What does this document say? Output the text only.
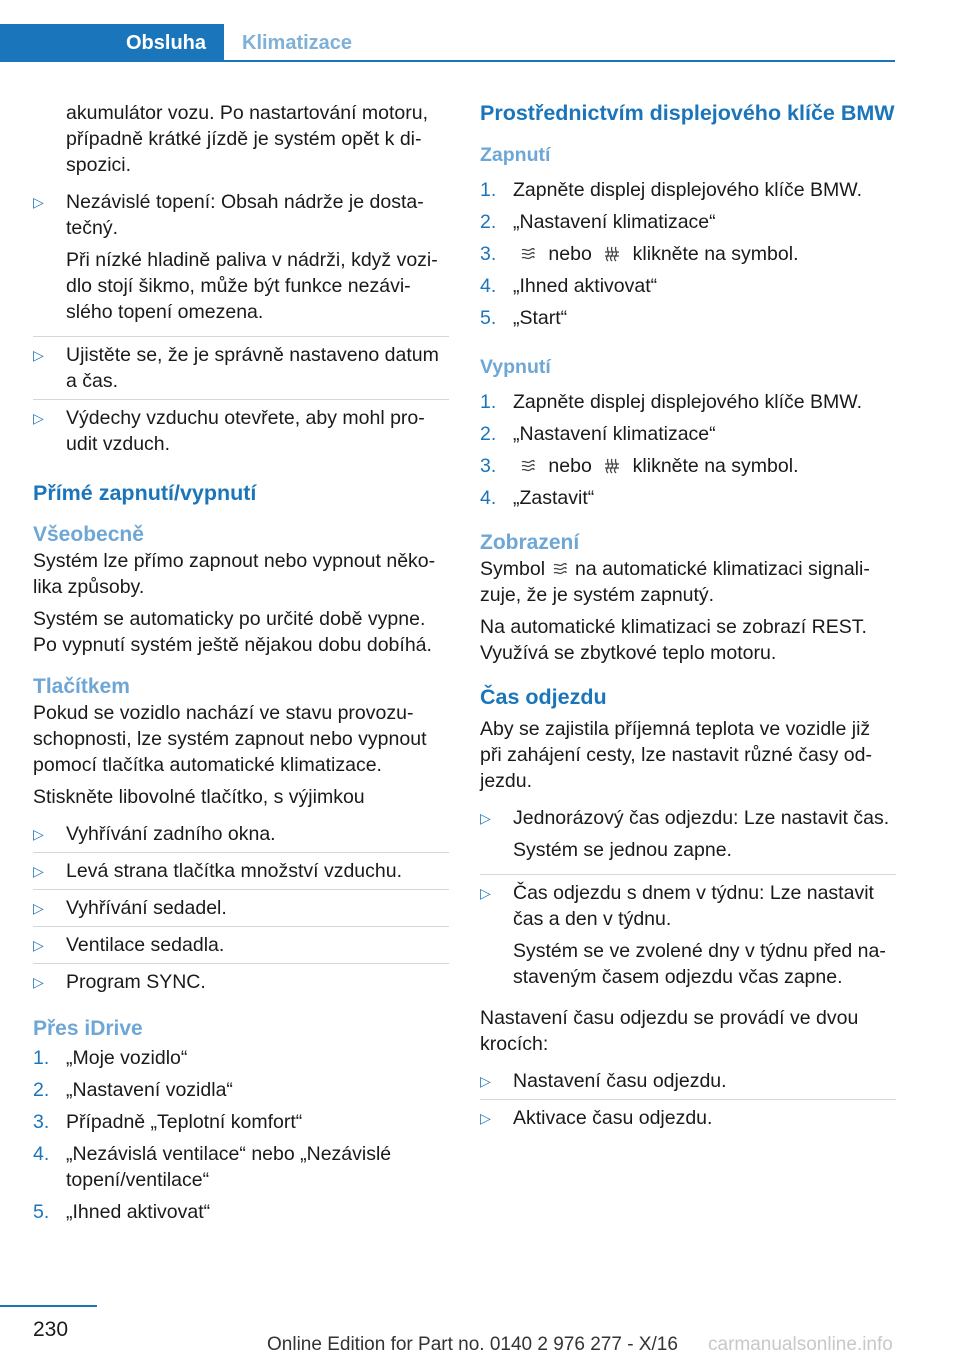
Obsluha	Klimatizace

akumulátor vozu. Po nastartování motoru, případně krátké jízdě je systém opět k dispozici.

▷ Nezávislé topení: Obsah nádrže je dostatečný.

Při nízké hladině paliva v nádrži, když vozidlo stojí šikmo, může být funkce nezávislého topení omezena.

▷ Ujistěte se, že je správně nastaveno datum a čas.
▷ Výdechy vzduchu otevřete, aby mohl proudit vzduch.
Přímé zapnutí/vypnutí
Všeobecně

Systém lze přímo zapnout nebo vypnout několika způsoby.

Systém se automaticky po určité době vypne. Po vypnutí systém ještě nějakou dobu dobíhá.

Tlačítkem

Pokud se vozidlo nachází ve stavu provozuschopnosti, lze systém zapnout nebo vypnout pomocí tlačítka automatické klimatizace.

Stiskněte libovolné tlačítko, s výjimkou

▷ Vyhřívání zadního okna.
▷ Levá strana tlačítka množství vzduchu.
▷ Vyhřívání sedadel.
▷ Ventilace sedadla.
▷ Program SYNC.
Přes iDrive
1. „Moje vozidlo“
2. „Nastavení vozidla“
3. Případně „Teplotní komfort“
4. „Nezávislá ventilace“ nebo „Nezávislé topení/ventilace“
5. „Ihned aktivovat“
Prostřednictvím displejového klíče BMW
Zapnutí
1. Zapněte displej displejového klíče BMW.
2. „Nastavení klimatizace“
3.	nebo klikněte na symbol.
4. „Ihned aktivovat“
5. „Start“
Vypnutí
1. Zapněte displej displejového klíče BMW.
2. „Nastavení klimatizace“
3.	nebo klikněte na symbol.
4. „Zastavit“
Zobrazení

Symbol na automatické klimatizaci signalizuje, že je systém zapnutý.

Na automatické klimatizaci se zobrazí REST. Využívá se zbytkové teplo motoru.

Čas odjezdu

Aby se zajistila příjemná teplota ve vozidle již při zahájení cesty, lze nastavit různé časy odjezdu.

▷ Jednorázový čas odjezdu: Lze nastavit čas.

Systém se jednou zapne.

▷ Čas odjezdu s dnem v týdnu: Lze nastavit čas a den v týdnu.

Systém se ve zvolené dny v týdnu před nastaveným časem odjezdu včas zapne.

Nastavení času odjezdu se provádí ve dvou krocích:

▷ Nastavení času odjezdu.
▷ Aktivace času odjezdu.
230
Online Edition for Part no. 0140 2 976 277 - X/16 carmanualsonline.info
